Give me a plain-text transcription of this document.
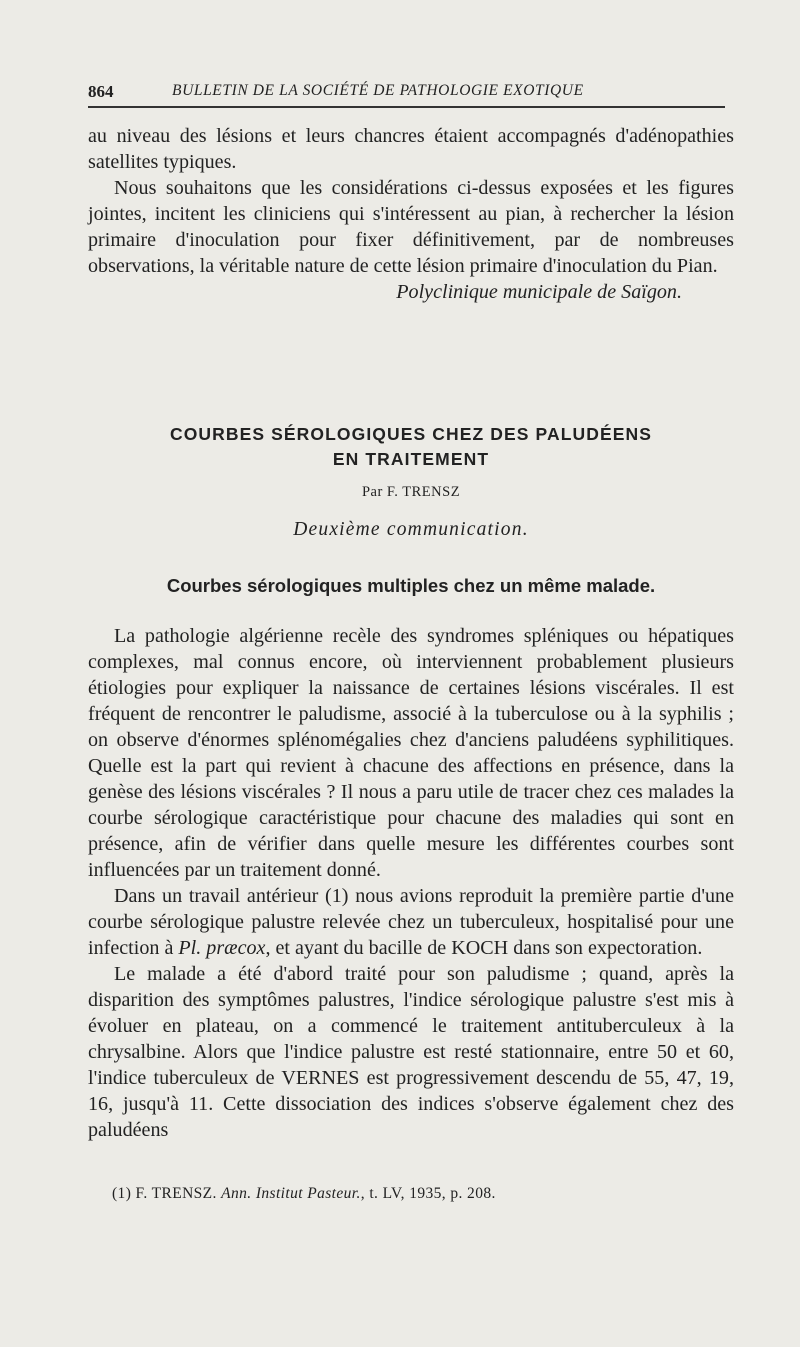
864	BULLETIN DE LA SOCIÉTÉ DE PATHOLOGIE EXOTIQUE

au niveau des lésions et leurs chancres étaient accompagnés d'adénopathies satellites typiques.

Nous souhaitons que les considérations ci-dessus exposées et les figures jointes, incitent les cliniciens qui s'intéressent au pian, à rechercher la lésion primaire d'inoculation pour fixer définitivement, par de nombreuses observations, la véritable nature de cette lésion primaire d'inoculation du Pian.

Polyclinique municipale de Saïgon.

COURBES SÉROLOGIQUES CHEZ DES PALUDÉENS
EN TRAITEMENT
Par F. TRENSZ
Deuxième communication.
Courbes sérologiques multiples chez un même malade.

La pathologie algérienne recèle des syndromes spléniques ou hépatiques complexes, mal connus encore, où interviennent probablement plusieurs étiologies pour expliquer la naissance de certaines lésions viscérales. Il est fréquent de rencontrer le paludisme, associé à la tuberculose ou à la syphilis ; on observe d'énormes splénomégalies chez d'anciens paludéens syphilitiques. Quelle est la part qui revient à chacune des affections en présence, dans la genèse des lésions viscérales ? Il nous a paru utile de tracer chez ces malades la courbe sérologique caractéristique pour chacune des maladies qui sont en présence, afin de vérifier dans quelle mesure les différentes courbes sont influencées par un traitement donné.

Dans un travail antérieur (1) nous avions reproduit la première partie d'une courbe sérologique palustre relevée chez un tuberculeux, hospitalisé pour une infection à Pl. præcox, et ayant du bacille de KOCH dans son expectoration.

Le malade a été d'abord traité pour son paludisme ; quand, après la disparition des symptômes palustres, l'indice sérologique palustre s'est mis à évoluer en plateau, on a commencé le traitement antituberculeux à la chrysalbine. Alors que l'indice palustre est resté stationnaire, entre 50 et 60, l'indice tuberculeux de VERNES est progressivement descendu de 55, 47, 19, 16, jusqu'à 11. Cette dissociation des indices s'observe également chez des paludéens

(1) F. TRENSZ. Ann. Institut Pasteur., t. LV, 1935, p. 208.
